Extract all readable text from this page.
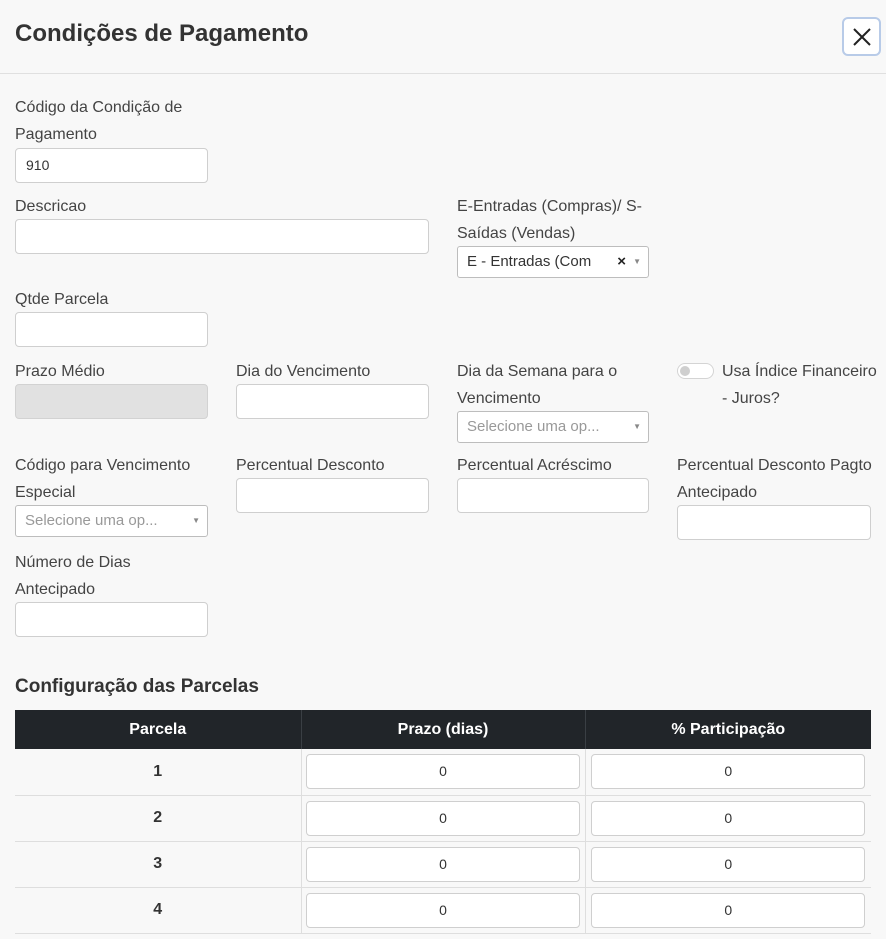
Condições de Pagamento
Código da Condição de Pagamento
910
Descricao	E-Entradas (Compras)/ S-Saídas (Vendas)
E - Entradas (Com × ▼
Qtde Parcela
Prazo Médio	Dia do Vencimento	Dia da Semana para o Vencimento
Selecione uma op...	▼
Usa Índice Financeiro - Juros?
Código para Vencimento Especial
Selecione uma op...	▼
Percentual Desconto	Percentual Acréscimo	Percentual Desconto Pagto Antecipado
Número de Dias Antecipado
Configuração das Parcelas
Parcela	Prazo (dias)	% Participação
1	0	0

2	0	0

3	0	0

4	0	0
